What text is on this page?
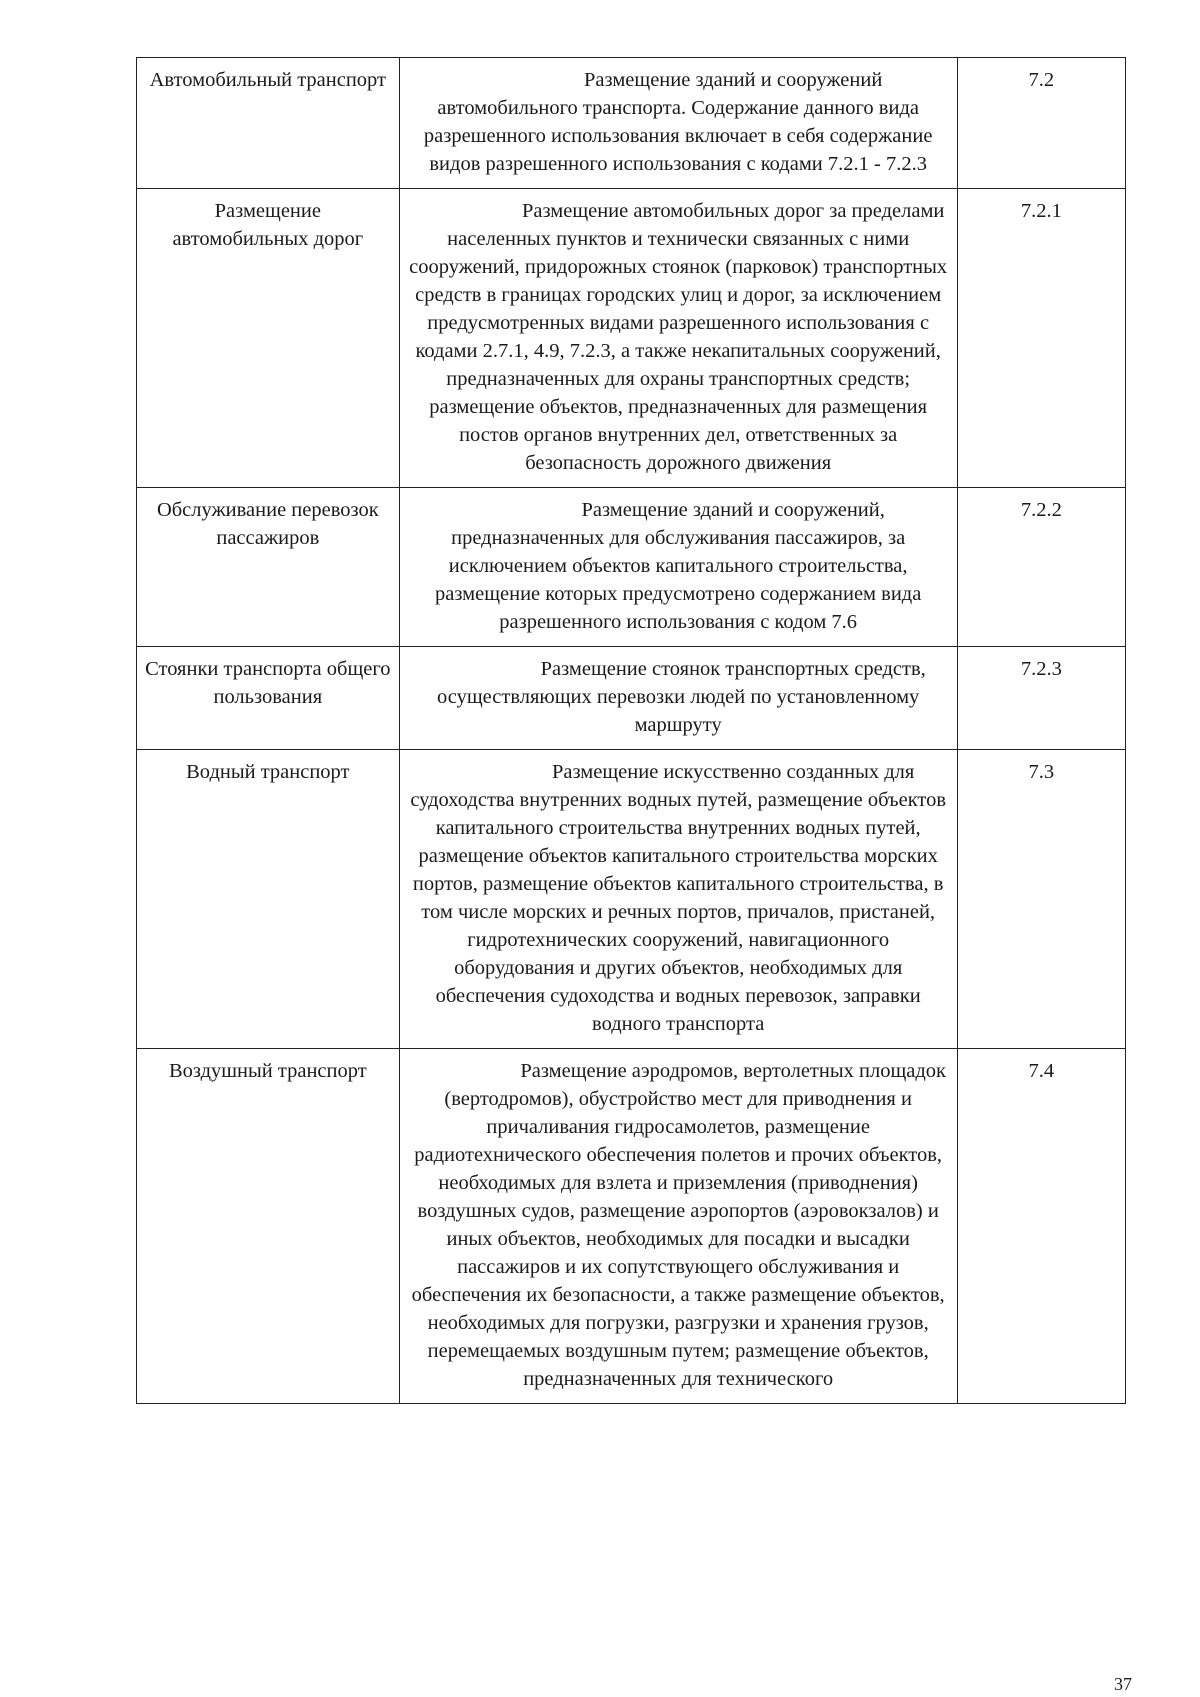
Автомобильный транспорт	Размещение зданий и сооружений автомобильного транспорта. Содержание данного вида разрешенного использования включает в себя содержание видов разрешенного использования с кодами 7.2.1 - 7.2.3	7.2
Размещение автомобильных дорог	Размещение автомобильных дорог за пределами населенных пунктов и технически связанных с ними сооружений, придорожных стоянок (парковок) транспортных средств в границах городских улиц и дорог, за исключением предусмотренных видами разрешенного использования с кодами 2.7.1, 4.9, 7.2.3, а также некапитальных сооружений, предназначенных для охраны транспортных средств; размещение объектов, предназначенных для размещения постов органов внутренних дел, ответственных за безопасность дорожного движения	7.2.1
Обслуживание перевозок пассажиров	Размещение зданий и сооружений, предназначенных для обслуживания пассажиров, за исключением объектов капитального строительства, размещение которых предусмотрено содержанием вида разрешенного использования с кодом 7.6	7.2.2
Стоянки транспорта общего пользования	Размещение стоянок транспортных средств, осуществляющих перевозки людей по установленному маршруту	7.2.3
Водный транспорт	Размещение искусственно созданных для судоходства внутренних водных путей, размещение объектов капитального строительства внутренних водных путей, размещение объектов капитального строительства морских портов, размещение объектов капитального строительства, в том числе морских и речных портов, причалов, пристаней, гидротехнических сооружений, навигационного оборудования и других объектов, необходимых для обеспечения судоходства и водных перевозок, заправки водного транспорта	7.3
Воздушный транспорт	Размещение аэродромов, вертолетных площадок (вертодромов), обустройство мест для приводнения и причаливания гидросамолетов, размещение радиотехнического обеспечения полетов и прочих объектов, необходимых для взлета и приземления (приводнения) воздушных судов, размещение аэропортов (аэровокзалов) и иных объектов, необходимых для посадки и высадки пассажиров и их сопутствующего обслуживания и обеспечения их безопасности, а также размещение объектов, необходимых для погрузки, разгрузки и хранения грузов, перемещаемых воздушным путем; размещение объектов, предназначенных для технического	7.4
37
